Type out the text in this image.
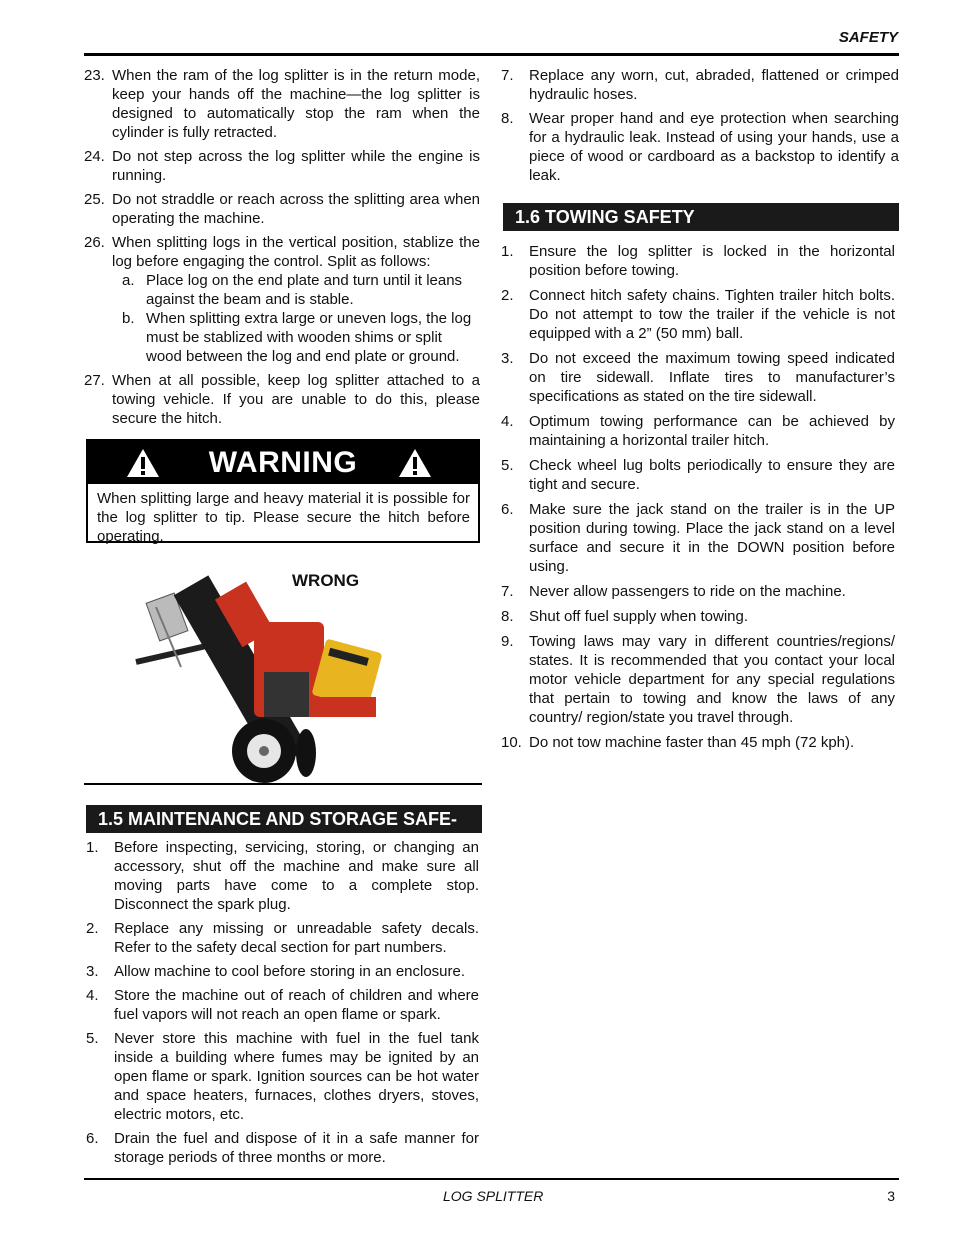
SAFETY
23. When the ram of the log splitter is in the return mode, keep your hands off the machine—the log splitter is designed to automatically stop the ram when the cylinder is fully retracted.
24. Do not step across the log splitter while the engine is running.
25. Do not straddle or reach across the splitting area when operating the machine.
26. When splitting logs in the vertical position, stablize the log before engaging the control. Split as follows:
a. Place log on the end plate and turn until it leans against the beam and is stable.
b. When splitting extra large or uneven logs, the log must be stablized with wooden shims or split wood between the log and end plate or ground.
27. When at all possible, keep log splitter attached to a towing vehicle. If you are unable to do this, please secure the hitch.
WARNING
When splitting large and heavy material it is possible for the log splitter to tip. Please secure the hitch before operating.
WRONG
1.5 MAINTENANCE AND STORAGE SAFE-
1.	Before inspecting, servicing, storing, or changing an accessory, shut off the machine and make sure all moving parts have come to a complete stop. Disconnect the spark plug.
2.	Replace any missing or unreadable safety decals. Refer to the safety decal section for part numbers.
3.	Allow machine to cool before storing in an enclosure.
4.	Store the machine out of reach of children and where fuel vapors will not reach an open flame or spark.
5.	Never store this machine with fuel in the fuel tank inside a building where fumes may be ignited by an open flame or spark. Ignition sources can be hot water and space heaters, furnaces, clothes dryers, stoves, electric motors, etc.
6.	Drain the fuel and dispose of it in a safe manner for storage periods of three months or more.
7.	Replace any worn, cut, abraded, flattened or crimped hydraulic hoses.
8.	Wear proper hand and eye protection when searching for a hydraulic leak. Instead of using your hands, use a piece of wood or cardboard as a backstop to identify a leak.
1.6 TOWING SAFETY
1.	Ensure the log splitter is locked in the horizontal position before towing.
2.	Connect hitch safety chains. Tighten trailer hitch bolts. Do not attempt to tow the trailer if the vehicle is not equipped with a 2” (50 mm) ball.
3.	Do not exceed the maximum towing speed indicated on tire sidewall. Inflate tires to manufacturer’s specifications as stated on the tire sidewall.
4.	Optimum towing performance can be achieved by maintaining a horizontal trailer hitch.
5.	Check wheel lug bolts periodically to ensure they are tight and secure.
6.	Make sure the jack stand on the trailer is in the UP position during towing. Place the jack stand on a level surface and secure it in the DOWN position before using.
7.	Never allow passengers to ride on the machine.
8.	Shut off fuel supply when towing.
9.	Towing laws may vary in different countries/regions/ states. It is recommended that you contact your local motor vehicle department for any special regulations that pertain to towing and know the laws of any country/ region/state you travel through.
10. Do not tow machine faster than 45 mph (72 kph).
LOG SPLITTER	3
